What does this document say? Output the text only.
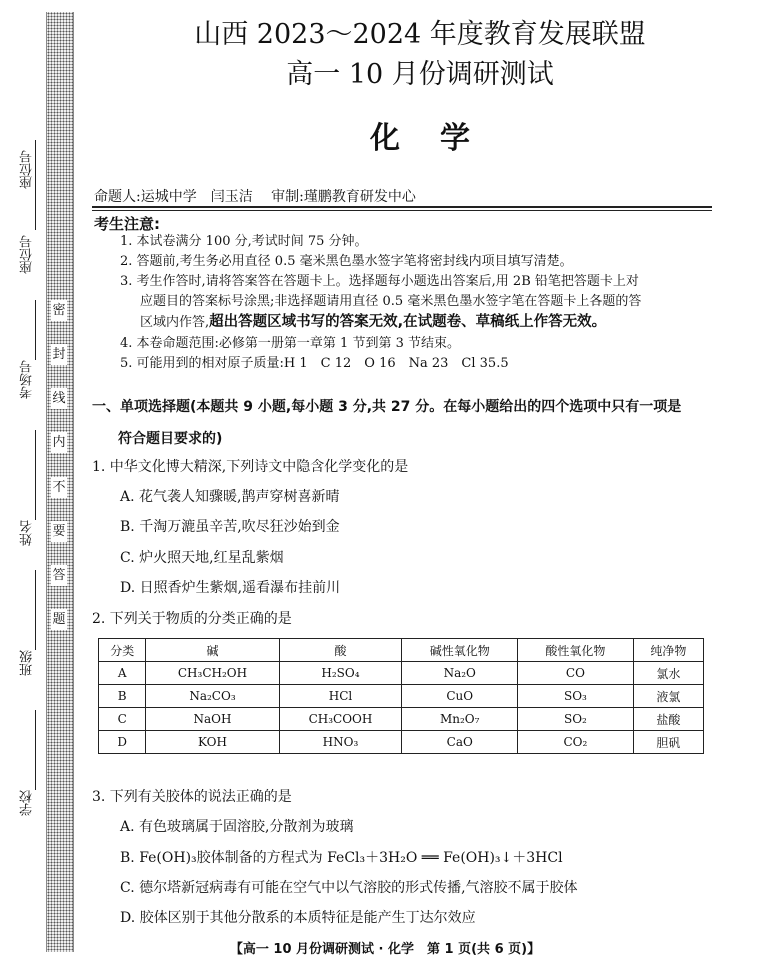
密
封
线
内
不
要
答
题
座位号
座位号
考场号
姓名
班级
学校
山西 2023～2024 年度教育发展联盟
高一 10 月份调研测试
化学
命题人:运城中学　闫玉洁 审制:瑾鹏教育研发中心
考生注意:
1. 本试卷满分 100 分,考试时间 75 分钟。
2. 答题前,考生务必用直径 0.5 毫米黑色墨水签字笔将密封线内项目填写清楚。
3. 考生作答时,请将答案答在答题卡上。选择题每小题选出答案后,用 2B 铅笔把答题卡上对
应题目的答案标号涂黑;非选择题请用直径 0.5 毫米黑色墨水签字笔在答题卡上各题的答
区域内作答,超出答题区域书写的答案无效,在试题卷、草稿纸上作答无效。
4. 本卷命题范围:必修第一册第一章第 1 节到第 3 节结束。
5. 可能用到的相对原子质量:H 1　C 12　O 16　Na 23　Cl 35.5
一、单项选择题(本题共 9 小题,每小题 3 分,共 27 分。在每小题给出的四个选项中只有一项是
符合题目要求的)
1. 中华文化博大精深,下列诗文中隐含化学变化的是
A. 花气袭人知骤暖,鹊声穿树喜新晴
B. 千淘万漉虽辛苦,吹尽狂沙始到金
C. 炉火照天地,红星乱紫烟
D. 日照香炉生紫烟,遥看瀑布挂前川
2. 下列关于物质的分类正确的是
分类	碱	酸	碱性氧化物	酸性氧化物	纯净物
A	CH₃CH₂OH	H₂SO₄	Na₂O	CO	氯水
B	Na₂CO₃	HCl	CuO	SO₃	液氯
C	NaOH	CH₃COOH	Mn₂O₇	SO₂	盐酸
D	KOH	HNO₃	CaO	CO₂	胆矾
3. 下列有关胶体的说法正确的是
A. 有色玻璃属于固溶胶,分散剂为玻璃
B. Fe(OH)₃胶体制备的方程式为 FeCl₃＋3H₂O ══ Fe(OH)₃↓＋3HCl
C. 德尔塔新冠病毒有可能在空气中以气溶胶的形式传播,气溶胶不属于胶体
D. 胶体区别于其他分散系的本质特征是能产生丁达尔效应
【高一 10 月份调研测试 · 化学　第 1 页(共 6 页)】
